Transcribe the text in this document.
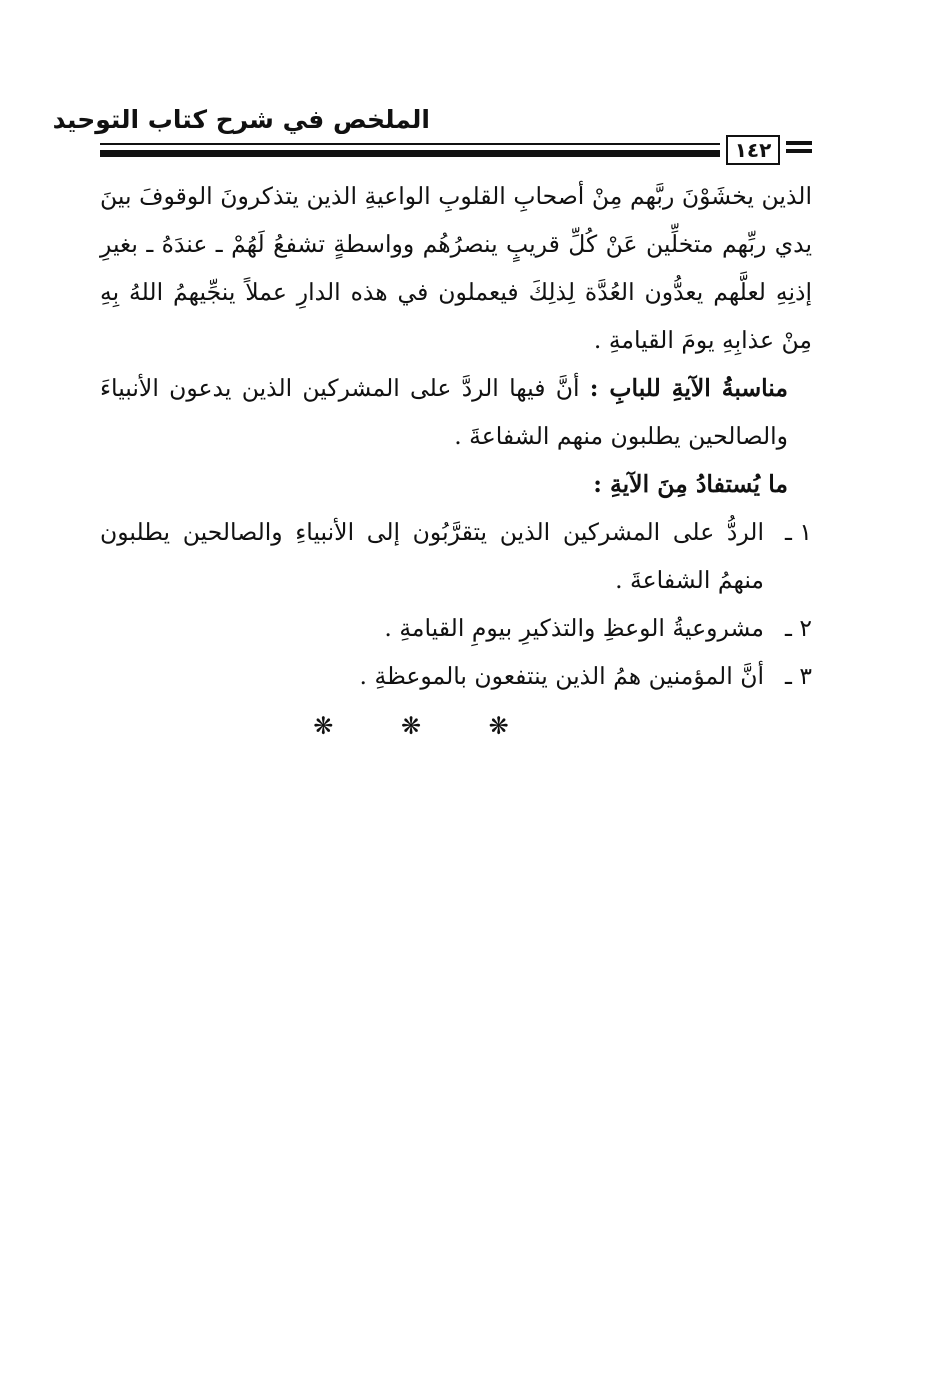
الملخص في شرح كتاب التوحيد
١٤٢

الذين يخشَوْنَ ربَّهم مِنْ أصحابِ القلوبِ الواعيةِ الذين يتذكرونَ الوقوفَ بينَ يدي ربِّهم متخلِّين عَنْ كُلِّ قريبٍ ينصرُهُم وواسطةٍ تشفعُ لَهُمْ ـ عندَهُ ـ بغيرِ إذنِهِ لعلَّهم يعدُّون العُدَّة لِذلِكَ فيعملون في هذه الدارِ عملاً ينجِّيهمُ اللهُ بِهِ مِنْ عذابِهِ يومَ القيامةِ .

مناسبةُ الآيةِ للبابِ : أنَّ فيها الردَّ على المشركين الذين يدعون الأنبياءَ والصالحين يطلبون منهم الشفاعةَ .

ما يُستفادُ مِنَ الآيةِ :

١ ـ
الردُّ على المشركين الذين يتقرَّبُون إلى الأنبياءِ والصالحين يطلبون منهمُ الشفاعةَ .
٢ ـ
مشروعيةُ الوعظِ والتذكيرِ بيومِ القيامةِ .
٣ ـ
أنَّ المؤمنين همُ الذين ينتفعون بالموعظةِ .
❋ ❋ ❋
